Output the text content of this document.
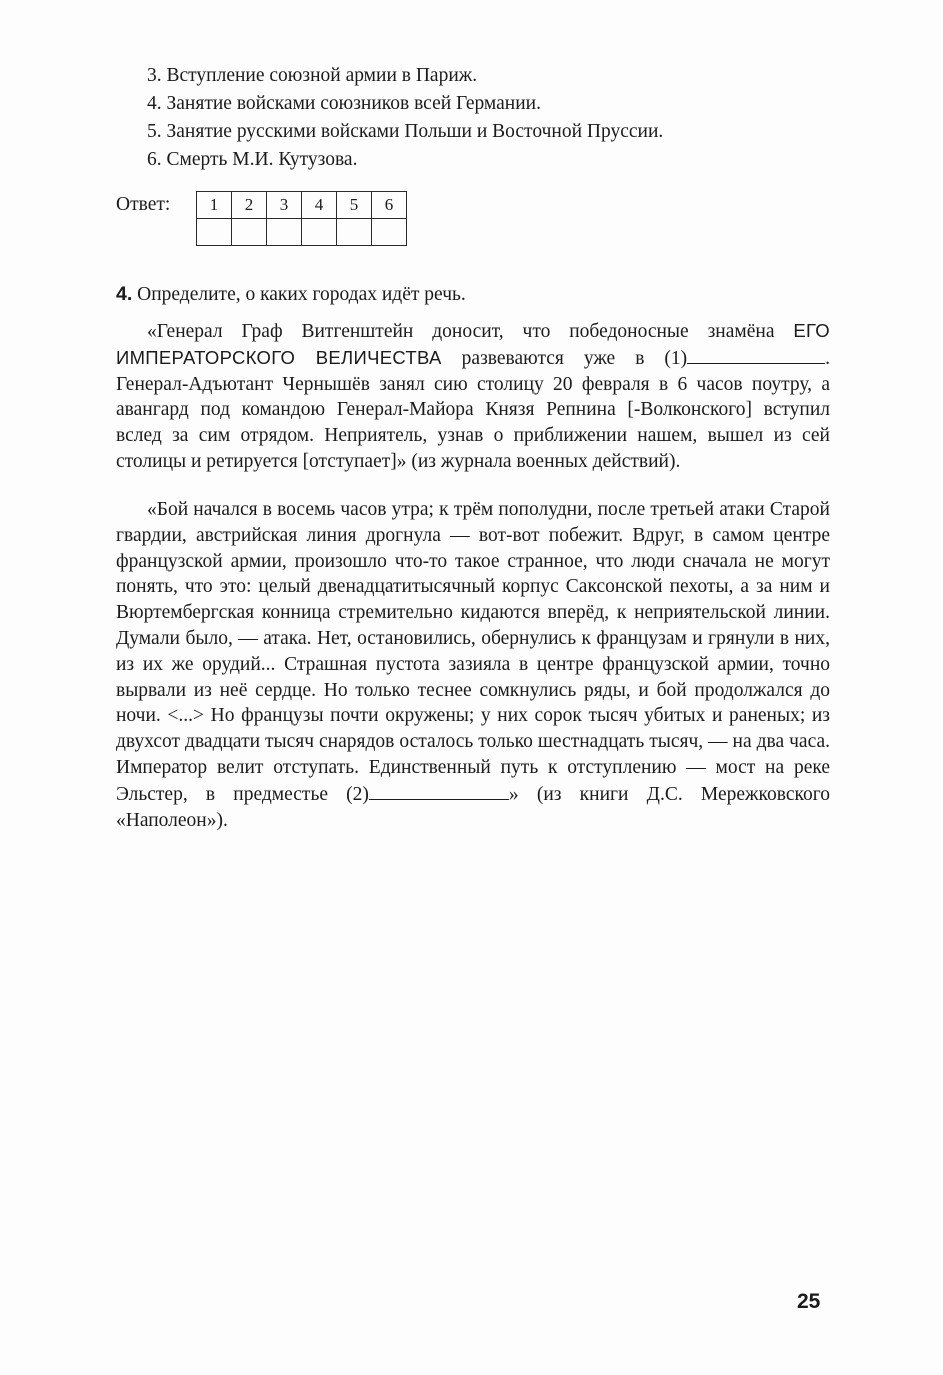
3. Вступление союзной армии в Париж.
4. Занятие войсками союзников всей Германии.
5. Занятие русскими войсками Польши и Восточной Пруссии.
6. Смерть М.И. Кутузова.
Ответ: 1	2	3	4	5	6

4. Определите, о каких городах идёт речь.

«Генерал Граф Витгенштейн доносит, что победоносные знамёна ЕГО ИМПЕРАТОРСКОГО ВЕЛИЧЕСТВА развеваются уже в (1)	. Генерал-Адъютант Чернышёв занял сию столицу 20 февраля в 6 часов поутру, а авангард под командою Генерал-Майора Князя Репнина [-Волконского] вступил вслед за сим отрядом. Неприятель, узнав о приближении нашем, вышел из сей столицы и ретируется [отступает]» (из журнала военных действий).

«Бой начался в восемь часов утра; к трём пополудни, после третьей атаки Старой гвардии, австрийская линия дрогнула — вот-вот побежит. Вдруг, в самом центре французской армии, произошло что-то такое странное, что люди сначала не могут понять, что это: целый двенадцатитысячный корпус Саксонской пехоты, а за ним и Вюртембергская конница стремительно кидаются вперёд, к неприятельской линии. Думали было, — атака. Нет, остановились, обернулись к французам и грянули в них, из их же орудий... Страшная пустота зазияла в центре французской армии, точно вырвали из неё сердце. Но только теснее сомкнулись ряды, и бой продолжался до ночи. <...> Но французы почти окружены; у них сорок тысяч убитых и раненых; из двухсот двадцати тысяч снарядов осталось только шестнадцать тысяч, — на два часа. Император велит отступать. Единственный путь к отступлению — мост на реке Эльстер, в предместье (2)	» (из книги Д.С. Мережковского «Наполеон»).

25
